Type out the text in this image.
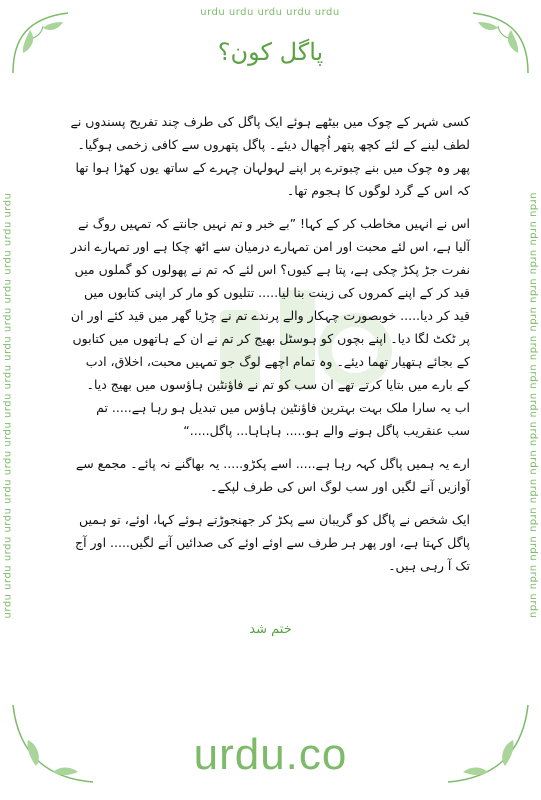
urdu urdu urdu urdu urdu
urdu urdu urdu urdu urdu urdu urdu urdu urdu urdu urdu urdu urdu urdu urdu	urdu urdu urdu urdu urdu urdu urdu urdu urdu urdu urdu urdu urdu urdu urdu
پاگل کون؟

کسی شہر کے چوک میں بیٹھے ہوئے ایک پاگل کی طرف چند تفریح پسندوں نے لطف لینے کے لئے کچھ پتھر اُچھال دیئے۔ پاگل پتھروں سے کافی زخمی ہوگیا۔ پھر وہ چوک میں بنے چبوترے پر اپنے لہولہان چہرے کے ساتھ یوں کھڑا ہوا تھا کہ اس کے گرد لوگوں کا ہجوم تھا۔

اس نے انہیں مخاطب کر کے کہا! ”بے خبر و تم نہیں جانتے کہ تمہیں روگ نے آلیا ہے، اس لئے محبت اور امن تمہارے درمیان سے اٹھ چکا ہے اور تمہارے اندر نفرت جڑ پکڑ چکی ہے، پتا ہے کیوں؟ اس لئے کہ تم نے پھولوں کو گملوں میں قید کر کے اپنے کمروں کی زینت بنا لیا..... تتلیوں کو مار کر اپنی کتابوں میں قید کر دیا..... خوبصورت چہکار والے پرندے تم نے چڑیا گھر میں قید کئے اور ان پر ٹکٹ لگا دیا۔ اپنے بچوں کو ہوسٹل بھیج کر تم نے ان کے ہاتھوں میں کتابوں کے بجائے ہتھیار تھما دیئے۔ وہ تمام اچھے لوگ جو تمہیں محبت، اخلاق، ادب کے بارے میں بتایا کرتے تھے ان سب کو تم نے فاؤنٹین ہاؤسوں میں بھیج دیا۔ اب یہ سارا ملک بہت بہترین فاؤنٹین ہاؤس میں تبدیل ہو رہا ہے..... تم سب عنقریب پاگل ہونے والے ہو..... ہاہاہا... پاگل.....“

ارے یہ ہمیں پاگل کہہ رہا ہے..... اسے پکڑو..... یہ بھاگنے نہ پائے۔ مجمع سے آوازیں آنے لگیں اور سب لوگ اس کی طرف لپکے۔

ایک شخص نے پاگل کو گریبان سے پکڑ کر جھنجوڑتے ہوئے کہا، اوئے، تو ہمیں پاگل کہتا ہے، اور پھر ہر طرف سے اوئے اوئے کی صدائیں آنے لگیں..... اور آج تک آ رہی ہیں۔

ختم شد
urdu.co
